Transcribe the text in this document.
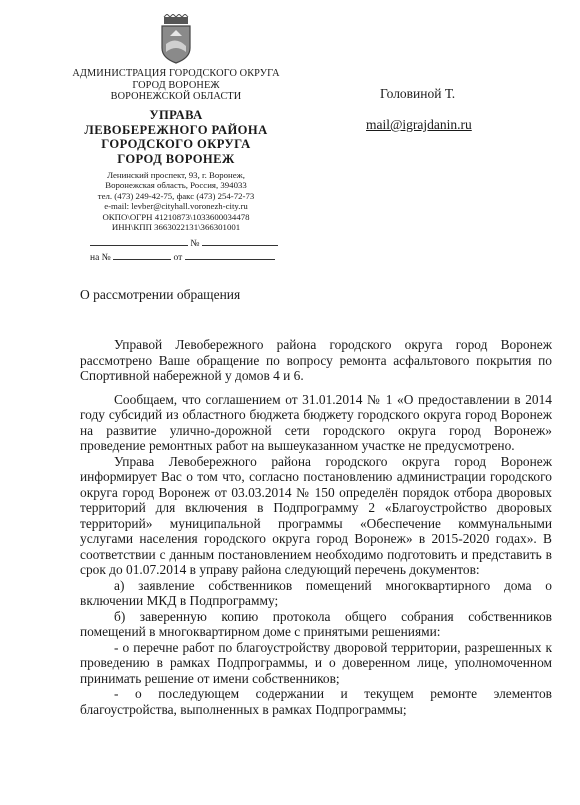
АДМИНИСТРАЦИЯ ГОРОДСКОГО ОКРУГА
ГОРОД ВОРОНЕЖ
ВОРОНЕЖСКОЙ ОБЛАСТИ
УПРАВА
ЛЕВОБЕРЕЖНОГО РАЙОНА
ГОРОДСКОГО ОКРУГА
ГОРОД ВОРОНЕЖ
Ленинский проспект, 93, г. Воронеж,
Воронежская область, Россия, 394033
тел. (473) 249-42-75, факс (473) 254-72-73
e-mail: levber@cityhall.voronezh-city.ru
ОКПО\ОГРН 41210873\1033600034478
ИНН\КПП 3663022131\366301001
№
на №	от
Головиной Т.
mail@igrajdanin.ru
О рассмотрении обращения

Управой Левобережного района городского округа город Воронеж рассмотрено Ваше обращение по вопросу ремонта асфальтового покрытия по Спортивной набережной у домов 4 и 6.

Сообщаем, что соглашением от 31.01.2014 № 1 «О предоставлении в 2014 году субсидий из областного бюджета бюджету городского округа город Воронеж на развитие улично-дорожной сети городского округа город Воронеж» проведение ремонтных работ на вышеуказанном участке не предусмотрено.

Управа Левобережного района городского округа город Воронеж информирует Вас о том что, согласно постановлению администрации городского округа город Воронеж от 03.03.2014 № 150 определён порядок отбора дворовых территорий для включения в Подпрограмму 2 «Благоустройство дворовых территорий» муниципальной программы «Обеспечение коммунальными услугами населения городского округа город Воронеж» в 2015-2020 годах». В соответствии с данным постановлением необходимо подготовить и представить в срок до 01.07.2014 в управу района следующий перечень документов:

а) заявление собственников помещений многоквартирного дома о включении МКД в Подпрограмму;

б) заверенную копию протокола общего собрания собственников помещений в многоквартирном доме с принятыми решениями:

- о перечне работ по благоустройству дворовой территории, разрешенных к проведению в рамках Подпрограммы, и о доверенном лице, уполномоченном принимать решение от имени собственников;

- о последующем содержании и текущем ремонте элементов благоустройства, выполненных в рамках Подпрограммы;
